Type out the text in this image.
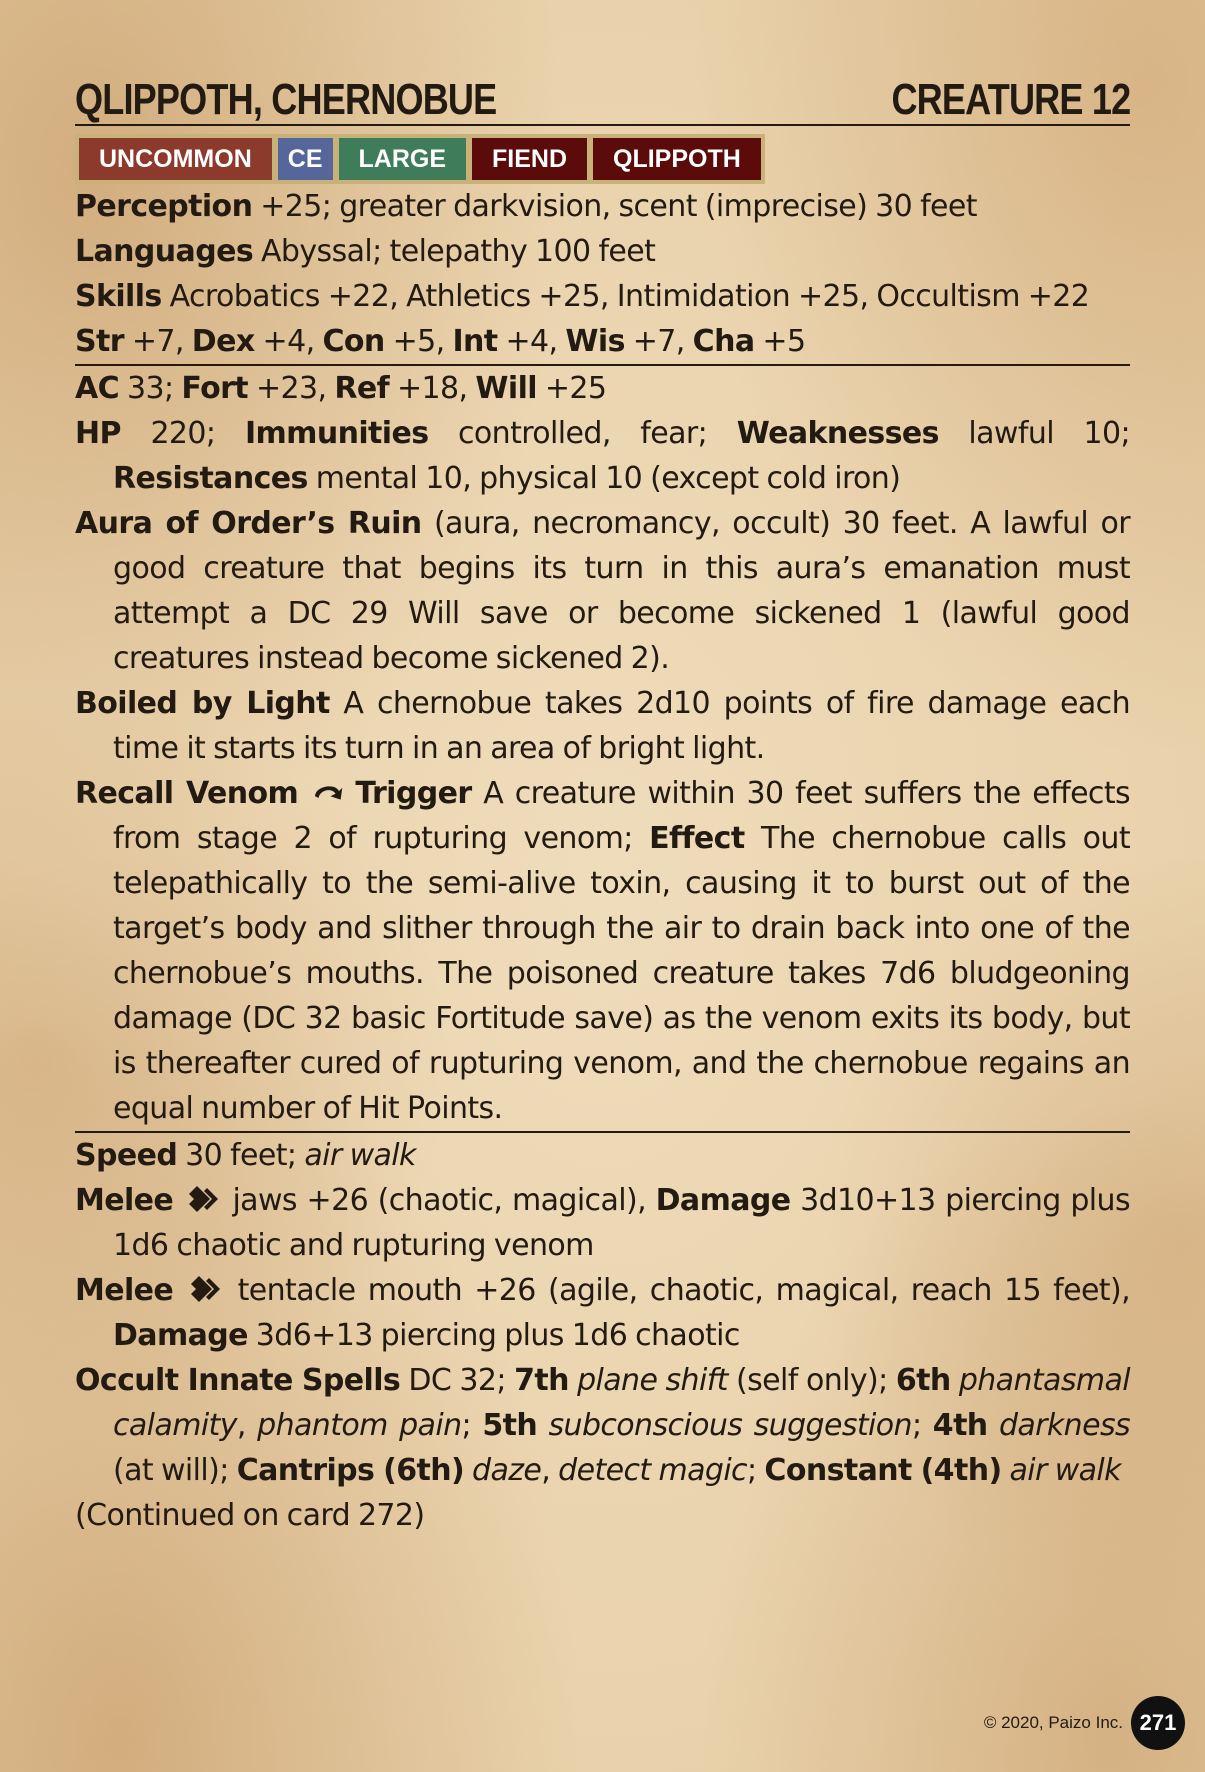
QLIPPOTH, CHERNOBUE	CREATURE 12
UNCOMMON	CE	LARGE	FIEND	QLIPPOTH
Perception +25; greater darkvision, scent (imprecise) 30 feet
Languages Abyssal; telepathy 100 feet
Skills Acrobatics +22, Athletics +25, Intimidation +25, Occultism +22
Str +7, Dex +4, Con +5, Int +4, Wis +7, Cha +5
AC 33; Fort +23, Ref +18, Will +25
HP 220; Immunities controlled, fear; Weaknesses lawful 10; Resistances mental 10, physical 10 (except cold iron)
Aura of Order’s Ruin (aura, necromancy, occult) 30 feet. A lawful or good creature that begins its turn in this aura’s emanation must attempt a DC 29 Will save or become sickened 1 (lawful good creatures instead become sickened 2).
Boiled by Light A chernobue takes 2d10 points of fire damage each time it starts its turn in an area of bright light.
Recall Venom Trigger A creature within 30 feet suffers the effects from stage 2 of rupturing venom; Effect The chernobue calls out telepathically to the semi-alive toxin, causing it to burst out of the target’s body and slither through the air to drain back into one of the chernobue’s mouths. The poisoned creature takes 7d6 bludgeoning damage (DC 32 basic Fortitude save) as the venom exits its body, but is thereafter cured of rupturing venom, and the chernobue regains an equal number of Hit Points.
Speed 30 feet; air walk
Melee  jaws +26 (chaotic, magical), Damage 3d10+13 piercing plus 1d6 chaotic and rupturing venom
Melee  tentacle mouth +26 (agile, chaotic, magical, reach 15 feet), Damage 3d6+13 piercing plus 1d6 chaotic
Occult Innate Spells DC 32; 7th plane shift (self only); 6th phantasmal calamity, phantom pain; 5th subconscious suggestion; 4th darkness (at will); Cantrips (6th) daze, detect magic; Constant (4th) air walk
(Continued on card 272)
© 2020, Paizo Inc. 271
